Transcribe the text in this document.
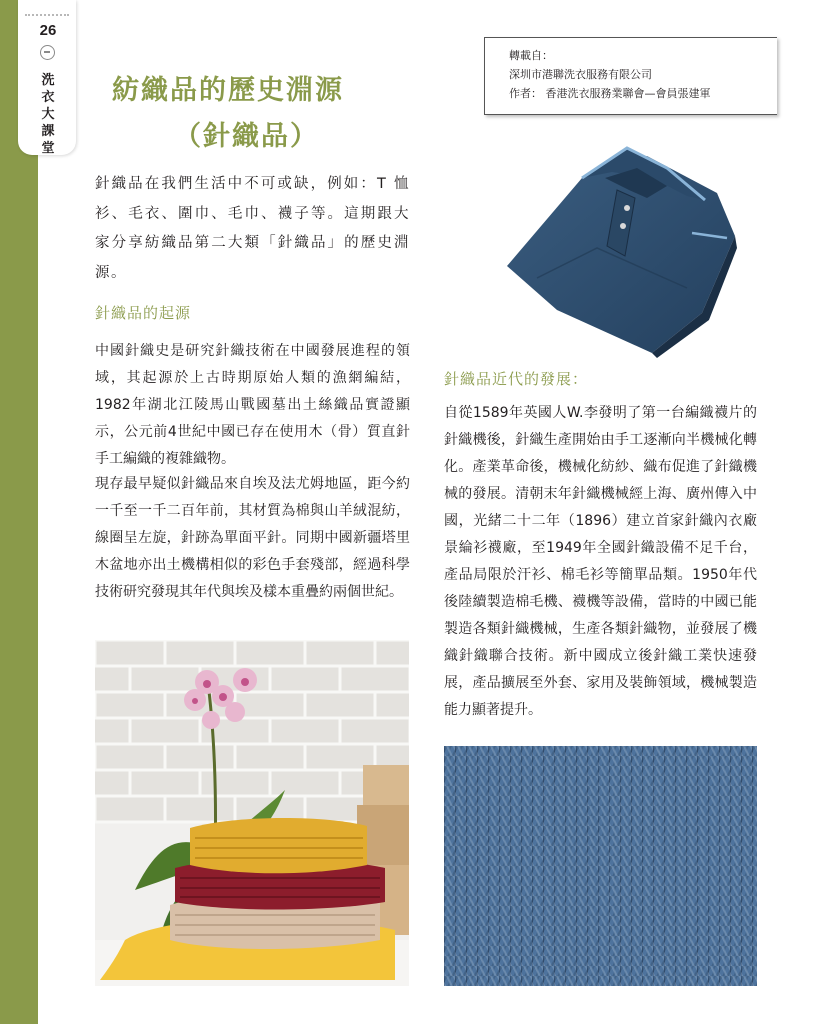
26
洗
衣
大
課
堂
紡織品的歷史淵源
（針織品）
轉載自：
深圳市港聯洗衣服務有限公司
作者： 香港洗衣服務業聯會—會員張建軍
針織品在我們生活中不可或缺，例如：T 恤衫、毛衣、圍巾、毛巾、襪子等。這期跟大家分享紡織品第二大類「針織品」的歷史淵源。
針織品的起源
中國針織史是研究針織技術在中國發展進程的領域，其起源於上古時期原始人類的漁網編結，1982年湖北江陵馬山戰國墓出土絲織品實證顯示，公元前4世紀中國已存在使用木（骨）質直針手工編織的複雜織物。
現存最早疑似針織品來自埃及法尤姆地區，距今約一千至一千二百年前，其材質為棉與山羊絨混紡，線圈呈左旋，針跡為單面平針。同期中國新疆塔里木盆地亦出土機構相似的彩色手套殘部，經過科學技術研究發現其年代與埃及樣本重疊約兩個世紀。
針織品近代的發展：
自從1589年英國人W.李發明了第一台編織襪片的針織機後，針織生產開始由手工逐漸向半機械化轉化。產業革命後，機械化紡紗、織布促進了針織機械的發展。清朝末年針織機械經上海、廣州傳入中國，光緒二十二年（1896）建立首家針織內衣廠景綸衫襪廠，至1949年全國針織設備不足千台，產品局限於汗衫、棉毛衫等簡單品類。1950年代後陸續製造棉毛機、襪機等設備，當時的中國已能製造各類針織機械，生產各類針織物，並發展了機織針織聯合技術。新中國成立後針織工業快速發展，產品擴展至外套、家用及裝飾領域，機械製造能力顯著提升。
